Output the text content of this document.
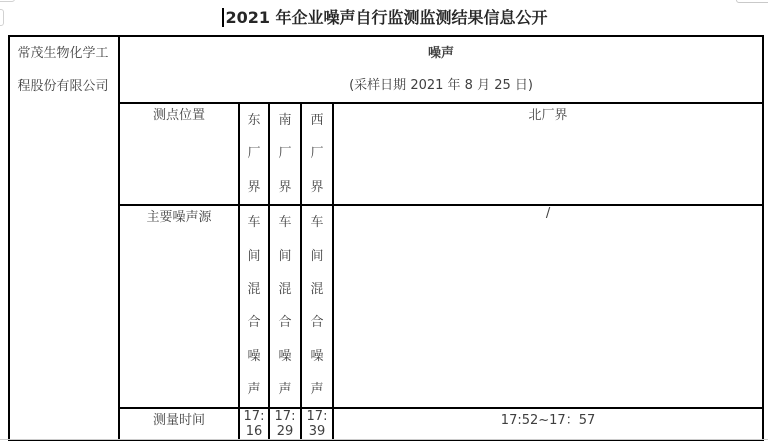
2021 年企业噪声自行监测监测结果信息公开
常茂生物化学工程股份有限公司	噪声
(采样日期 2021 年 8 月 25 日)				

	测点位置	东厂界	南厂界	西厂界	北厂界
	主要噪声源	车间混合噪声	车间混合噪声	车间混合噪声	/
	测量时间	17:16	17:29	17:39	17:52~17：57
